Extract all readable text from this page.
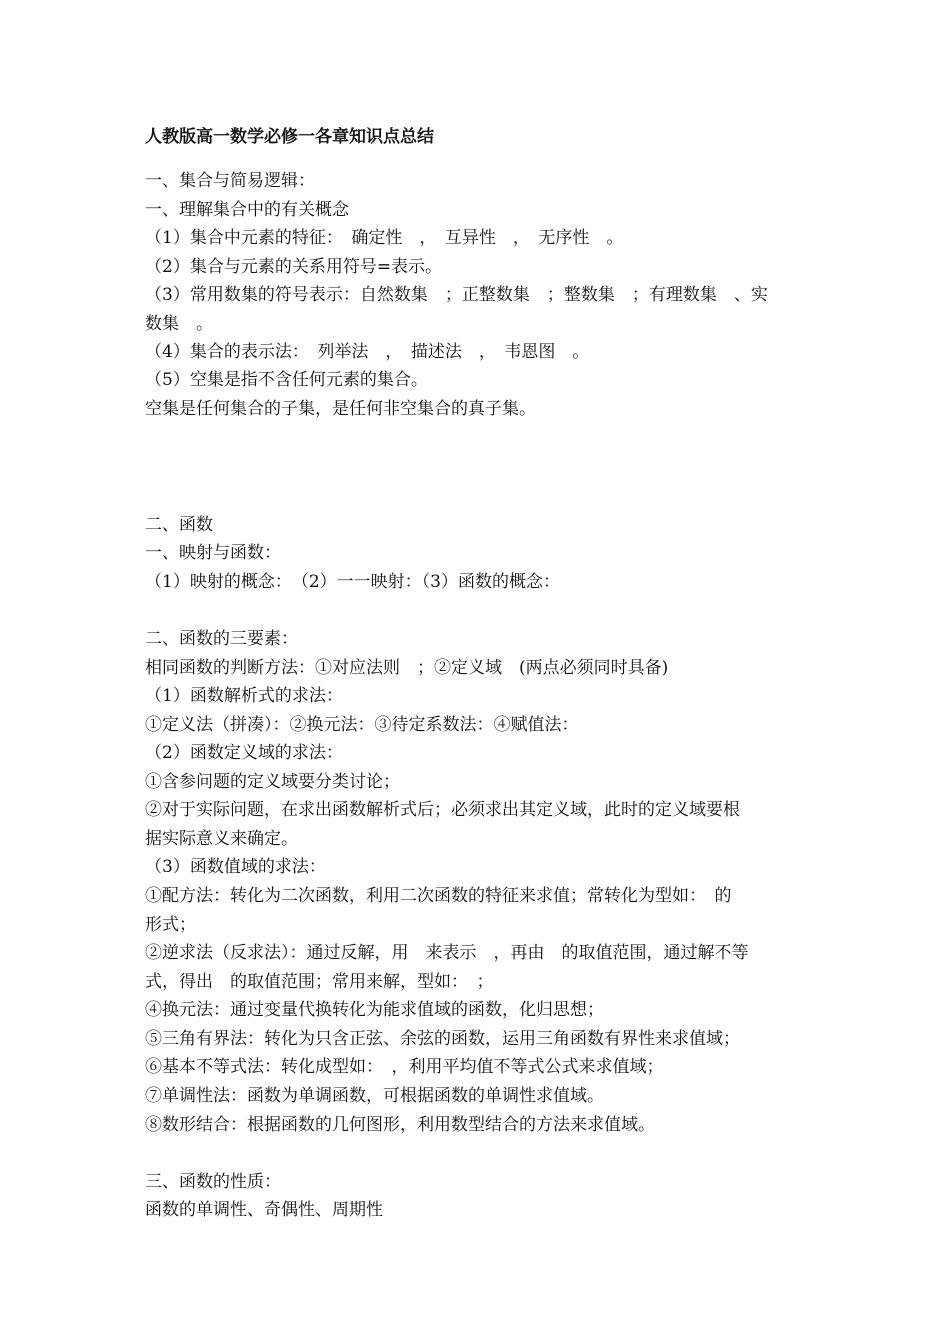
人教版高一数学必修一各章知识点总结
一、集合与简易逻辑：
一、理解集合中的有关概念
（1）集合中元素的特征：　确定性　，　互异性　，　无序性　。
（2）集合与元素的关系用符号=表示。
（3）常用数集的符号表示：自然数集　；正整数集　；整数集　；有理数集　、实
数集　。
（4）集合的表示法：　列举法　，　描述法　，　韦恩图　。
（5）空集是指不含任何元素的集合。
空集是任何集合的子集，是任何非空集合的真子集。
二、函数
一、映射与函数：
（1）映射的概念：　（2）一一映射：（3）函数的概念：
二、函数的三要素：
相同函数的判断方法：①对应法则　；②定义域　(两点必须同时具备)
（1）函数解析式的求法：
①定义法（拼凑）：②换元法：③待定系数法：④赋值法：
（2）函数定义域的求法：
①含参问题的定义域要分类讨论；
②对于实际问题，在求出函数解析式后；必须求出其定义域，此时的定义域要根
据实际意义来确定。
（3）函数值域的求法：
①配方法：转化为二次函数，利用二次函数的特征来求值；常转化为型如：　的
形式；
②逆求法（反求法）：通过反解，用　来表示　，再由　的取值范围，通过解不等
式，得出　的取值范围；常用来解，型如：　；
④换元法：通过变量代换转化为能求值域的函数，化归思想；
⑤三角有界法：转化为只含正弦、余弦的函数，运用三角函数有界性来求值域；
⑥基本不等式法：转化成型如：　，利用平均值不等式公式来求值域；
⑦单调性法：函数为单调函数，可根据函数的单调性求值域。
⑧数形结合：根据函数的几何图形，利用数型结合的方法来求值域。
三、函数的性质：
函数的单调性、奇偶性、周期性
